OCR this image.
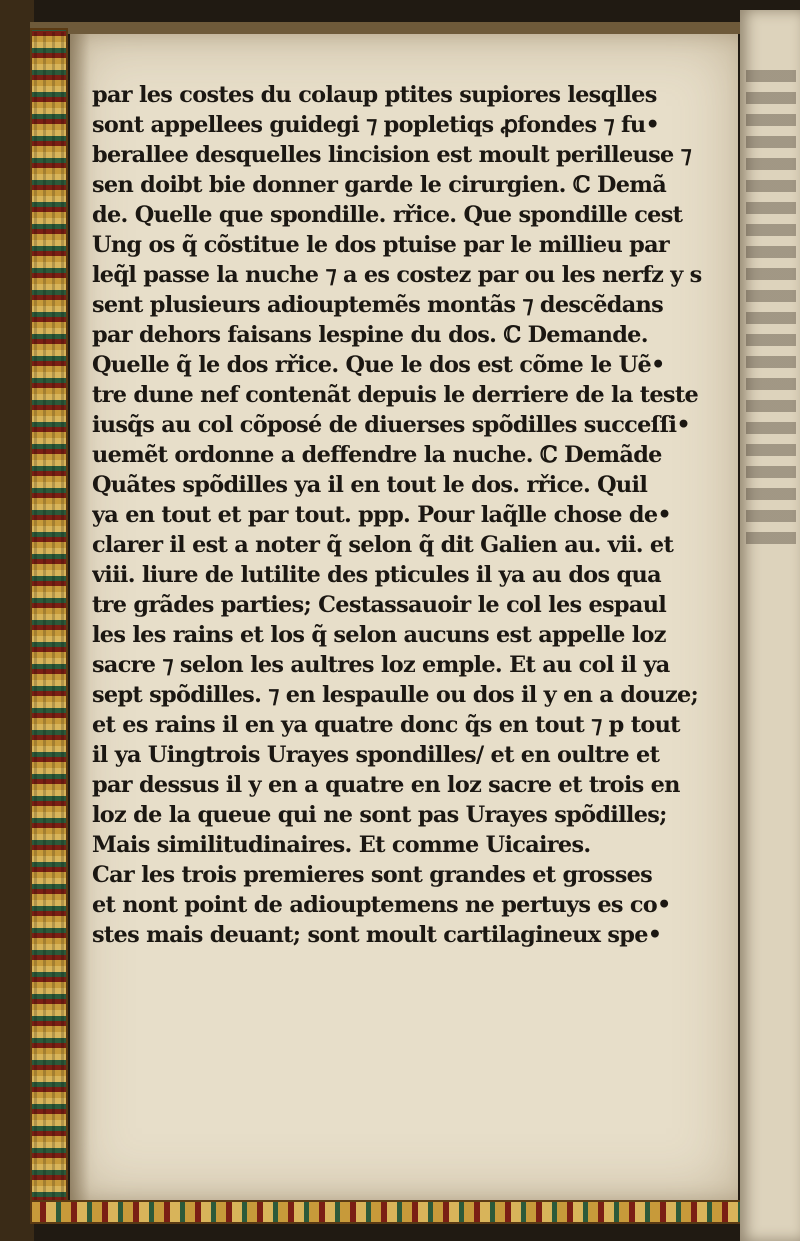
par les costes du colaup ptites supiores lesqlles
sont appellees guidegi ⁊ popletiqs ꝓfondes ⁊ fu•
berallee desquelles lincision est moult perilleuse ⁊
sen doibt bie donner garde le cirurgien. ℂ Demã
de. Quelle que spondille. rřice. Que spondille cest
Ung os q̃ cõstitue le dos ptuise par le millieu par
leq̃l passe la nuche ⁊ a es costez par ou les nerfz y s
sent plusieurs adiouptemẽs montãs ⁊ descẽdans
par dehors faisans lespine du dos. ℂ Demande.
Quelle q̃ le dos rřice. Que le dos est cõme le Uẽ•
tre dune nef contenãt depuis le derriere de la teste
iusq̃s au col cõposé de diuerses spõdilles succeſſi•
uemẽt ordonne a deffendre la nuche. ℂ Demãde
Quãtes spõdilles ya il en tout le dos. rřice. Quil
ya en tout et par tout. ppp. Pour laq̃lle chose de•
clarer il est a noter q̃ selon q̃ dit Galien au. vii. et
viii. liure de lutilite des pticules il ya au dos qua
tre grãdes parties; Cestassauoir le col les espaul
les les rains et los q̃ selon aucuns est appelle loz
sacre ⁊ selon les aultres loz emple. Et au col il ya
sept spõdilles. ⁊ en lespaulle ou dos il y en a douze;
et es rains il en ya quatre donc q̃s en tout ⁊ p tout
il ya Uingtrois Urayes spondilles/ et en oultre et
par dessus il y en a quatre en loz sacre et trois en
loz de la queue qui ne sont pas Urayes spõdilles;
Mais similitudinaires. Et comme Uicaires.
Car les trois premieres sont grandes et grosses
et nont point de adiouptemens ne pertuys es co•
stes mais deuant; sont moult cartilagineux spe•
